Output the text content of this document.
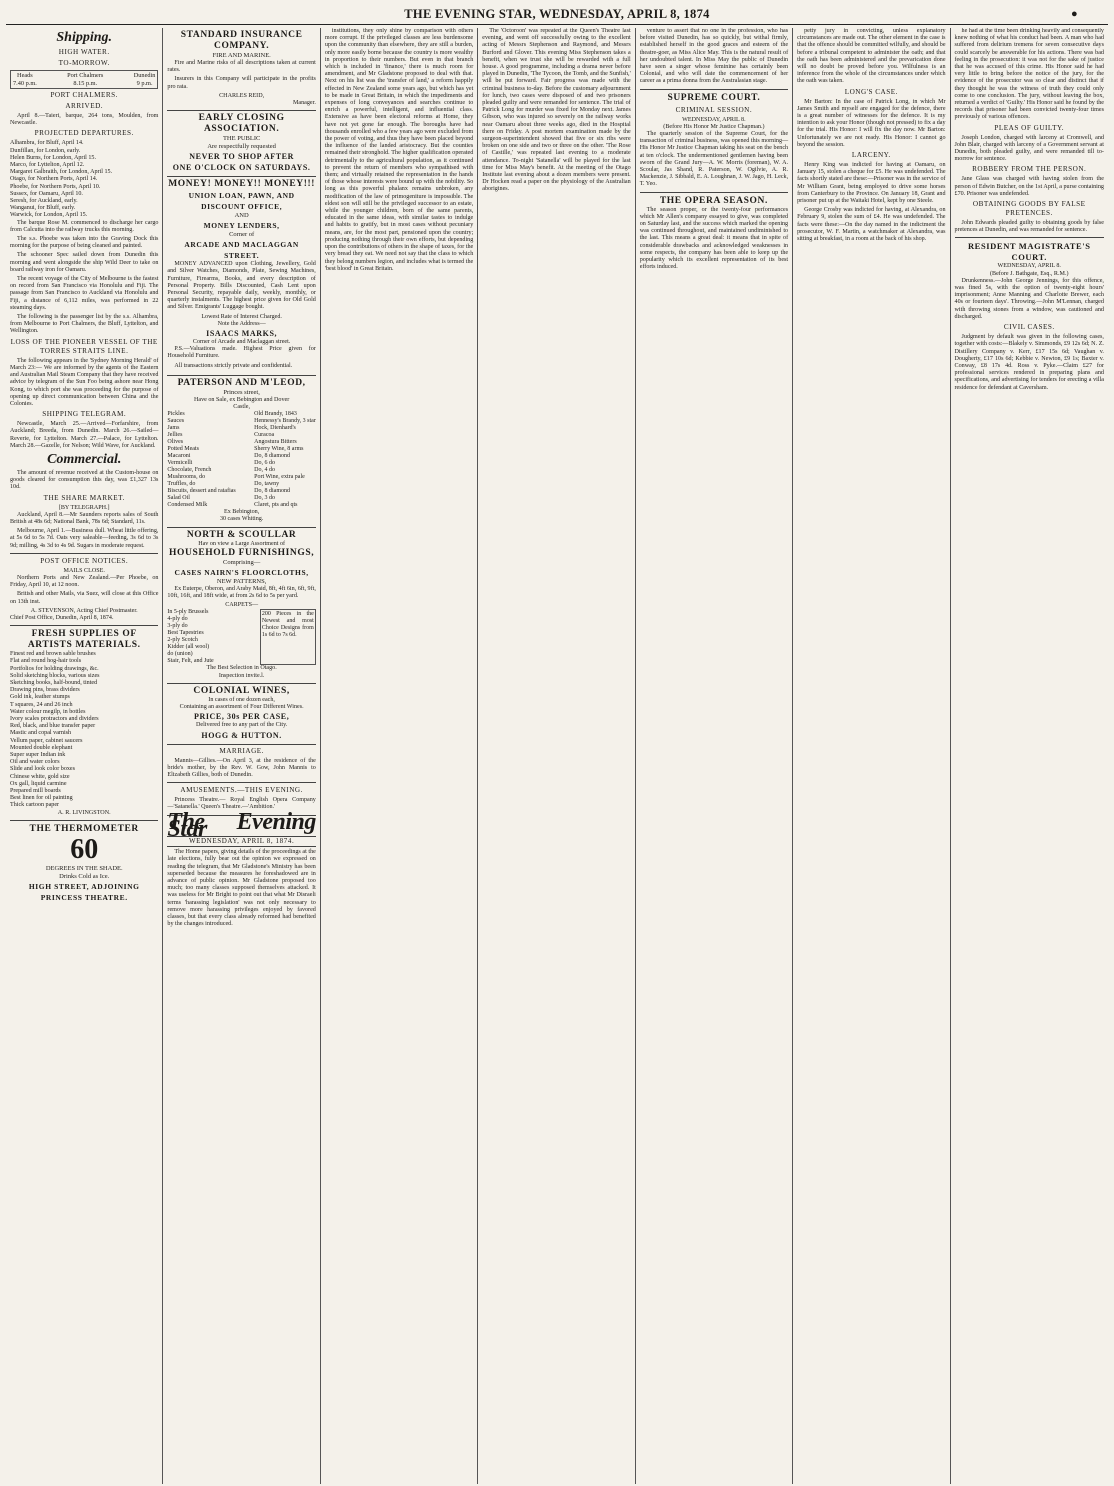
THE EVENING STAR, WEDNESDAY, APRIL 8, 1874	●
Shipping.
HIGH WATER.
TO-MORROW.
Heads
7.40 p.m.
Port Chalmers
8.15 p.m.
Dunedin
9 p.m.
PORT CHALMERS.
ARRIVED.

April 8.—Taieri, barque, 264 tons, Moulden, from Newcastle.

PROJECTED DEPARTURES.
Alhambra, for Bluff, April 14.
Dunfillan, for London, early.
Helen Burns, for London, April 15.
Marco, for Lyttelton, April 12.
Margaret Galbraith, for London, April 15.
Otago, for Northern Ports, April 14.
Phoebe, for Northern Ports, April 10.
Sussex, for Oamaru, April 10.
Seresh, for Auckland, early.
Wanganui, for Bluff, early.
Warwick, for London, April 15.

The barque Rose M. commenced to discharge her cargo from Calcutta into the railway trucks this morning.

The s.s. Phoebe was taken into the Graving Dock this morning for the purpose of being cleaned and painted.

The schooner Spec sailed down from Dunedin this morning and went alongside the ship Wild Deer to take on board railway iron for Oamaru.

The recent voyage of the City of Melbourne is the fastest on record from San Francisco via Honolulu and Fiji. The passage from San Francisco to Auckland via Honolulu and Fiji, a distance of 6,112 miles, was performed in 22 steaming days.

The following is the passenger list by the s.s. Alhambra, from Melbourne to Port Chalmers, the Bluff, Lyttelton, and Wellington.

LOSS OF THE PIONEER VESSEL OF THE TORRES STRAITS LINE.

The following appears in the 'Sydney Morning Herald' of March 23:— We are informed by the agents of the Eastern and Australian Mail Steam Company that they have received advice by telegram of the Sun Foo being ashore near Hong Kong, to which port she was proceeding for the purpose of opening up direct communication between China and the Colonies.

SHIPPING TELEGRAM.

Newcastle, March 25.—Arrived—Forfarshire, from Auckland; Breeda, from Dunedin. March 26.—Sailed—Reverie, for Lyttelton. March 27.—Palace, for Lyttelton. March 28.—Gazelle, for Nelson; Wild Wave, for Auckland.

Commercial.

The amount of revenue received at the Custom-house on goods cleared for consumption this day, was £1,327 13s 10d.

THE SHARE MARKET.
[BY TELEGRAPH.]

Auckland, April 8.—Mr Saunders reports sales of South British at 48s 6d; National Bank, 78s 6d; Standard, 11s.

Melbourne, April 1.—Business dull. Wheat little offering, at 5s 6d to 5s 7d. Oats very saleable—feeding, 3s 6d to 3s 9d; milling, 4s 3d to 4s 9d. Sugars in moderate request.

POST OFFICE NOTICES.
MAILS CLOSE.

Northern Ports and New Zealand.—Per Phoebe, on Friday, April 10, at 12 noon.

British and other Mails, via Suez, will close at this Office on 13th inst.

A. STEVENSON, Acting Chief Postmaster.
Chief Post Office, Dunedin, April 8, 1874.
FRESH SUPPLIES OF ARTISTS MATERIALS.
Finest red and brown sable brushes
Flat and round hog-hair tools
Portfolios for holding drawings, &c.
Solid sketching blocks, various sizes
Sketching books, half-bound, tinted
Drawing pins, brass dividers
Gold ink, leather stumps
T squares, 24 and 26 inch
Water colour megilp, in bottles
Ivory scales protractors and dividers
Red, black, and blue transfer paper
Mastic and copal varnish
Vellum paper, cabinet saucers
Mounted double elephant
Super super Indian ink
Oil and water colors
Slide and look color boxes
Chinese white, gold size
Ox gall, liquid carmine
Prepared mill boards
Best linen for oil painting
Thick cartoon paper
A. R. LIVINGSTON.
THE THERMOMETER
60
DEGREES IN THE SHADE.
Drinks Cold as Ice.
HIGH STREET, ADJOINING PRINCESS THEATRE.
STANDARD INSURANCE COMPANY.
FIRE AND MARINE.

Fire and Marine risks of all descriptions taken at current rates.

Insurers in this Company will participate in the profits pro rata.

CHARLES REID,
Manager.
EARLY CLOSING ASSOCIATION.
THE PUBLIC
Are respectfully requested
NEVER TO SHOP AFTER
ONE O'CLOCK ON SATURDAYS.
MONEY! MONEY!! MONEY!!!
UNION LOAN, PAWN, AND DISCOUNT OFFICE,
AND
MONEY LENDERS,
Corner of
ARCADE AND MACLAGGAN STREET.

MONEY ADVANCED upon Clothing, Jewellery, Gold and Silver Watches, Diamonds, Plate, Sewing Machines, Furniture, Firearms, Books, and every description of Personal Property. Bills Discounted, Cash Lent upon Personal Security, repayable daily, weekly, monthly, or quarterly instalments. The highest price given for Old Gold and Silver. Emigrants' Luggage bought.

Lowest Rate of Interest Charged.
Note the Address—
ISAACS MARKS,
Corner of Arcade and Maclaggan street.

P.S.—Valuations made. Highest Price given for Household Furniture.

All transactions strictly private and confidential.

PATERSON AND M'LEOD,
Princes street,
Have on Sale, ex Bebington and Dover
Castle,
Pickles
Sauces
Jams
Jellies
Olives
Potted Meats
Macaroni
Vermicelli
Chocolate, French
Mushrooms, do
Truffles, do
Biscuits, dessert and ratafias
Salad Oil
Condensed Milk
Old Brandy, 1843
Hennessy's Brandy, 3 star
Hock, Dienhard's
Curacoa
Angostura Bitters
Sherry Wine, 8 arms
Do, 8 diamond
Do, 6 do
Do, 4 do
Port Wine, extra pale
Do, tawny
Do, 8 diamond
Do, 3 do
Claret, pts and qts
Ex Bebington,
30 cases Whiting.
NORTH & SCOULLAR
Hav on view a Large Assortment of
HOUSEHOLD FURNISHINGS,
Comprising—
CASES NAIRN'S FLOORCLOTHS,
NEW PATTERNS,

Ex Euterpe, Oberon, and Araby Maid, 8ft, 4ft 6in, 6ft, 9ft, 10ft, 16ft, and 18ft wide, at from 2s 6d to 5s per yard.

CARPETS—
In 5-ply Brussels
4-ply do
3-ply do
Best Tapestries
2-ply Scotch
Kidder (all wool)
do (union)
Stair, Felt, and Jute
200 Pieces in the Newest and most Choice Designs from 1s 6d to 7s 6d.
The Best Selection in Otago.
Inspection invite.l.
COLONIAL WINES,
In cases of one dozen each,
Containing an assortment of Four Different Wines.
PRICE, 30s PER CASE,
Delivered free to any part of the City.
HOGG & HUTTON.
MARRIAGE.

Mannis—Gillies.—On April 3, at the residence of the bride's mother, by the Rev. W. Gow, John Mannis to Elizabeth Gillies, both of Dunedin.

AMUSEMENTS.—THIS EVENING.

Princess Theatre.— Royal English Opera Company—'Satanella.' Queen's Theatre.—'Ambition.'

The Evening Star
WEDNESDAY, APRIL 8, 1874.

The Home papers, giving details of the proceedings at the late elections, fully bear out the opinion we expressed on reading the telegram, that Mr Gladstone's Ministry has been superseded because the measures he foreshadowed are in advance of public opinion. Mr Gladstone proposed too much; too many classes supposed themselves attacked. It was useless for Mr Bright to point out that what Mr Disraeli terms 'harassing legislation' was not only necessary to remove more harassing privileges enjoyed by favored classes, but that every class already reformed had benefited by the changes introduced.

institutions, they only shine by comparison with others more corrupt. If the privileged classes are less burdensome upon the community than elsewhere, they are still a burden, only more easily borne because the country is more wealthy in proportion to their numbers. But even in that branch which is included in 'finance,' there is much room for amendment, and Mr Gladstone proposed to deal with that. Next on his list was the 'transfer of land,' a reform happily effected in New Zealand some years ago, but which has yet to be made in Great Britain, in which the impediments and expenses of long conveyances and searches continue to enrich a powerful, intelligent, and influential class. Extensive as have been electoral reforms at Home, they have not yet gone far enough. The boroughs have had thousands enrolled who a few years ago were excluded from the power of voting, and thus they have been placed beyond the influence of the landed aristocracy. But the counties remained their stronghold. The higher qualification operated detrimentally to the agricultural population, as it continued to prevent the return of members who sympathised with them; and virtually retained the representation in the hands of those whose interests were bound up with the nobility. So long as this powerful phalanx remains unbroken, any modification of the law of primogeniture is impossible. The eldest son will still be the privileged successor to an estate, while the younger children, born of the same parents, educated in the same ideas, with similar tastes to indulge and habits to gratify, but in most cases without pecuniary means, are, for the most part, pensioned upon the country; producing nothing through their own efforts, but depending upon the contributions of others in the shape of taxes, for the very bread they eat. We need not say that the class to which they belong numbers legion, and includes what is termed the 'best blood' in Great Britain.

The 'Octoroon' was repeated at the Queen's Theatre last evening, and went off successfully owing to the excellent acting of Messrs Stephenson and Raymond, and Messrs Burford and Glover. This evening Miss Stephenson takes a benefit, when we trust she will be rewarded with a full house. A good programme, including a drama never before played in Dunedin, 'The Tycoon, the Tomb, and the Sunfish,' will be put forward. Fair progress was made with the criminal business to-day. Before the customary adjournment for lunch, two cases were disposed of and two prisoners pleaded guilty and were remanded for sentence. The trial of Patrick Long for murder was fixed for Monday next. James Gibson, who was injured so severely on the railway works near Oamaru about three weeks ago, died in the Hospital there on Friday. A post mortem examination made by the surgeon-superintendent showed that five or six ribs were broken on one side and two or three on the other. 'The Rose of Castille,' was repeated last evening to a moderate attendance. To-night 'Satanella' will be played for the last time for Miss May's benefit. At the meeting of the Otago Institute last evening about a dozen members were present. Dr Hocken read a paper on the physiology of the Australian aborigines.

venture to assert that no one in the profession, who has before visited Dunedin, has so quickly, but withal firmly, established herself in the good graces and esteem of the theatre-goer, as Miss Alice May. This is the natural result of her undoubted talent. In Miss May the public of Dunedin have seen a singer whose feminine has certainly been Colonial, and who will date the commencement of her career as a prima donna from the Australasian stage.

SUPREME COURT.
CRIMINAL SESSION.
WEDNESDAY, APRIL 8.
(Before His Honor Mr Justice Chapman.)

The quarterly session of the Supreme Court, for the transaction of criminal business, was opened this morning—His Honor Mr Justice Chapman taking his seat on the bench at ten o'clock. The undermentioned gentlemen having been sworn of the Grand Jury—A. W. Morris (foreman), W. A. Scoular, Jas Shand, R. Paterson, W. Ogilvie, A. R. Mackenzie, J. Sibbald, E. A. Loughnan, J. W. Jago, H. Leck, T. Yeo.

THE OPERA SEASON.

The season proper, or the twenty-four performances which Mr Allen's company essayed to give, was completed on Saturday last, and the success which marked the opening was continued throughout, and maintained undiminished to the last. This means a great deal: it means that in spite of considerable drawbacks and acknowledged weaknesses in some respects, the company has been able to keep up the popularity which its excellent representation of its best efforts induced.

petty jury in convicting, unless explanatory circumstances are made out. The other element in the case is that the offence should be committed wilfully, and should be before a tribunal competent to administer the oath; and that the oath has been administered and the prevarication done will no doubt be proved before you. Wilfulness is an inference from the whole of the circumstances under which the oath was taken.

LONG'S CASE.

Mr Barton: In the case of Patrick Long, in which Mr James Smith and myself are engaged for the defence, there is a great number of witnesses for the defence. It is my intention to ask your Honor (though not pressed) to fix a day for the trial. His Honor: I will fix the day now. Mr Barton: Unfortunately we are not ready. His Honor: I cannot go beyond the session.

LARCENY.

Henry King was indicted for having at Oamaru, on January 15, stolen a cheque for £5. He was undefended. The facts shortly stated are these:—Prisoner was in the service of Mr William Grant, being employed to drive some horses from Canterbury to the Province. On January 18, Grant and prisoner put up at the Waitaki Hotel, kept by one Steele.

George Crosby was indicted for having, at Alexandra, on February 9, stolen the sum of £4. He was undefended. The facts were these:—On the day named in the indictment the prosecutor, W. F. Martin, a watchmaker at Alexandra, was sitting at breakfast, in a room at the back of his shop.

he had at the time been drinking heavily and consequently knew nothing of what his conduct had been. A man who had suffered from delirium tremens for seven consecutive days could scarcely be answerable for his actions. There was bad feeling in the prosecution: it was not for the sake of justice that he was accused of this crime. His Honor said he had very little to bring before the notice of the jury, for the evidence of the prosecutor was so clear and distinct that if they thought he was the witness of truth they could only come to one conclusion. The jury, without leaving the box, returned a verdict of 'Guilty.' His Honor said he found by the records that prisoner had been convicted twenty-four times previously of various offences.

PLEAS OF GUILTY.

Joseph London, charged with larceny at Cromwell, and John Blair, charged with larceny of a Government servant at Dunedin, both pleaded guilty, and were remanded till to-morrow for sentence.

ROBBERY FROM THE PERSON.

Jane Glass was charged with having stolen from the person of Edwin Butcher, on the 1st April, a purse containing £70. Prisoner was undefended.

OBTAINING GOODS BY FALSE PRETENCES.

John Edwards pleaded guilty to obtaining goods by false pretences at Dunedin, and was remanded for sentence.

RESIDENT MAGISTRATE'S COURT.
WEDNESDAY, APRIL 8.
(Before J. Bathgate, Esq., R.M.)

Drunkenness.—John George Jennings, for this offence, was fined 5s, with the option of twenty-eight hours' imprisonment; Anne Manning and Charlotte Brewer, each 40s or fourteen days'. Throwing.—John M'Lennan, charged with throwing stones from a window, was cautioned and discharged.

CIVIL CASES.

Judgment by default was given in the following cases, together with costs:—Blakely v. Simmonds, £9 12s 6d; N. Z. Distillery Company v. Kerr, £17 15s 6d; Vaughan v. Dougherty, £17 10s 6d; Kebbie v. Newton, £9 1s; Baxter v. Conway, £8 17s 4d. Ross v. Pyke.—Claim £27 for professional services rendered in preparing plans and specifications, and advertising for tenders for erecting a villa residence for defendant at Caversham.
